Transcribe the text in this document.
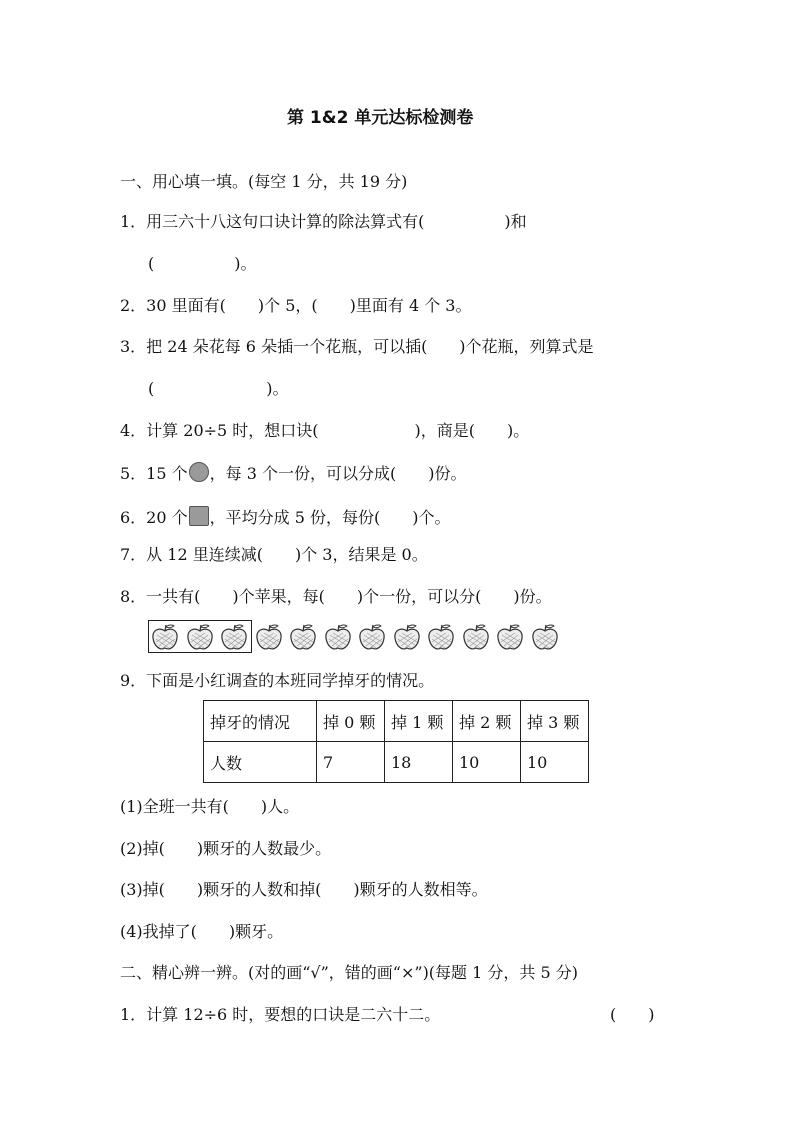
第 1&2 单元达标检测卷
一、用心填一填。(每空 1 分，共 19 分)
1．用三六十八这句口诀计算的除法算式有(　　　　　)和
(　　　　　)。
2．30 里面有(　　)个 5，(　　)里面有 4 个 3。
3．把 24 朵花每 6 朵插一个花瓶，可以插(　　)个花瓶，列算式是
(　　　　　　　)。
4．计算 20÷5 时，想口诀(　　　　　　)，商是(　　)。
5．15 个 ，每 3 个一份，可以分成(　　)份。
6．20 个 ，平均分成 5 份，每份(　　)个。
7．从 12 里连续减(　　)个 3，结果是 0。
8．一共有(　　)个苹果，每(　　)个一份，可以分(　　)份。
9．下面是小红调查的本班同学掉牙的情况。
掉牙的情况	掉 0 颗	掉 1 颗	掉 2 颗	掉 3 颗
人数	7	18	10	10
(1)全班一共有(　　)人。
(2)掉(　　)颗牙的人数最少。
(3)掉(　　)颗牙的人数和掉(　　)颗牙的人数相等。
(4)我掉了(　　)颗牙。
二、精心辨一辨。(对的画“√”，错的画“×”)(每题 1 分，共 5 分)
1．计算 12÷6 时，要想的口诀是二六十二。	(　　)
